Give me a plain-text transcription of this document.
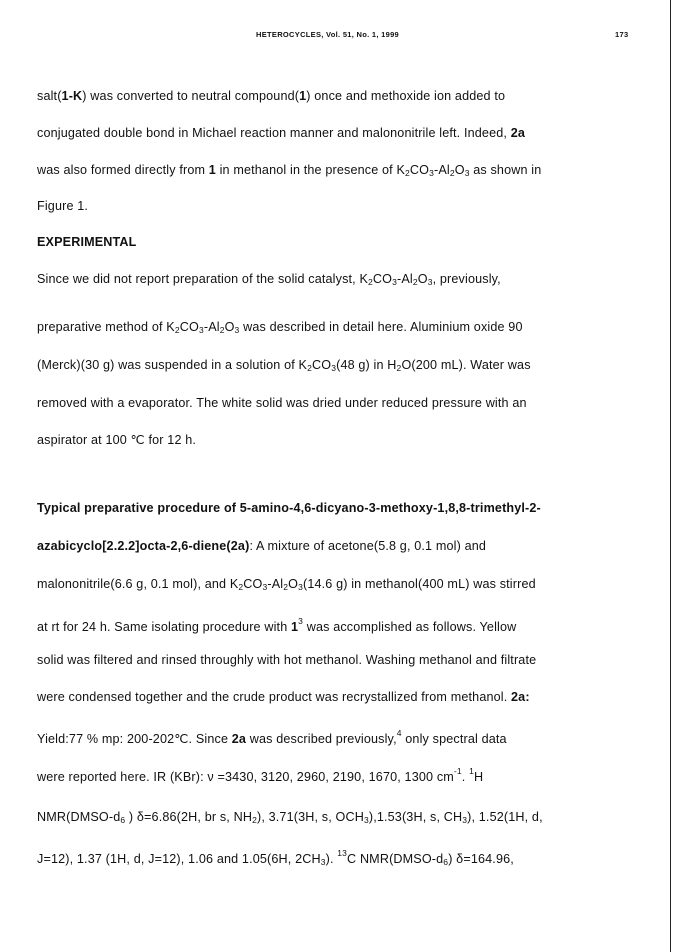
HETEROCYCLES, Vol. 51, No. 1, 1999	173
salt(1-K) was converted to neutral compound(1) once and methoxide ion added to
conjugated double bond in Michael reaction manner and malononitrile left. Indeed, 2a
was also formed directly from 1 in methanol in the presence of $K_2CO_3-Al_2O_3$ as shown in
Figure 1.
EXPERIMENTAL
Since we did not report preparation of the solid catalyst, $K_2CO_3-Al_2O_3$, previously,
preparative method of $K_2CO_3-Al_2O_3$ was described in detail here. Aluminium oxide 90
(Merck)(30 g) was suspended in a solution of $K_2CO_3(48$ g) in $H_2O(200$ mL). Water was
removed with a evaporator. The white solid was dried under reduced pressure with an
aspirator at 100 ℃ for 12 h.
Typical preparative procedure of 5-amino-4,6-dicyano-3-methoxy-1,8,8-trimethyl-2-
azabicyclo[2.2.2]octa-2,6-diene(2a): A mixture of acetone(5.8 g, 0.1 mol) and
malononitrile(6.6 g, 0.1 mol), and $K_2CO_3-Al_2O_3(14.6$ g) in methanol(400 mL) was stirred
at rt for 24 h. Same isolating procedure with $1^3$ was accomplished as follows. Yellow
solid was filtered and rinsed throughly with hot methanol. Washing methanol and filtrate
were condensed together and the crude product was recrystallized from methanol. 2a:
Yield:77 % mp: 200-202℃. Since 2a was described previously,$^4$ only spectral data
were reported here. IR (KBr): ν =3430, 3120, 2960, 2190, 1670, 1300 $cm^{-1}$. $^1$H
$NMR(DMSO-d_6$ ) δ=6.86(2H, br s, $NH_2$), 3.71(3H, s, $OCH_3),1.53(3H$, s, $CH_3$), 1.52(1H, d,
J=12), 1.37 (1H, d, J=12), 1.06 and 1.05(6H, $2CH_3$). $^{13}$C $NMR(DMSO-d_6)$ δ=164.96,
